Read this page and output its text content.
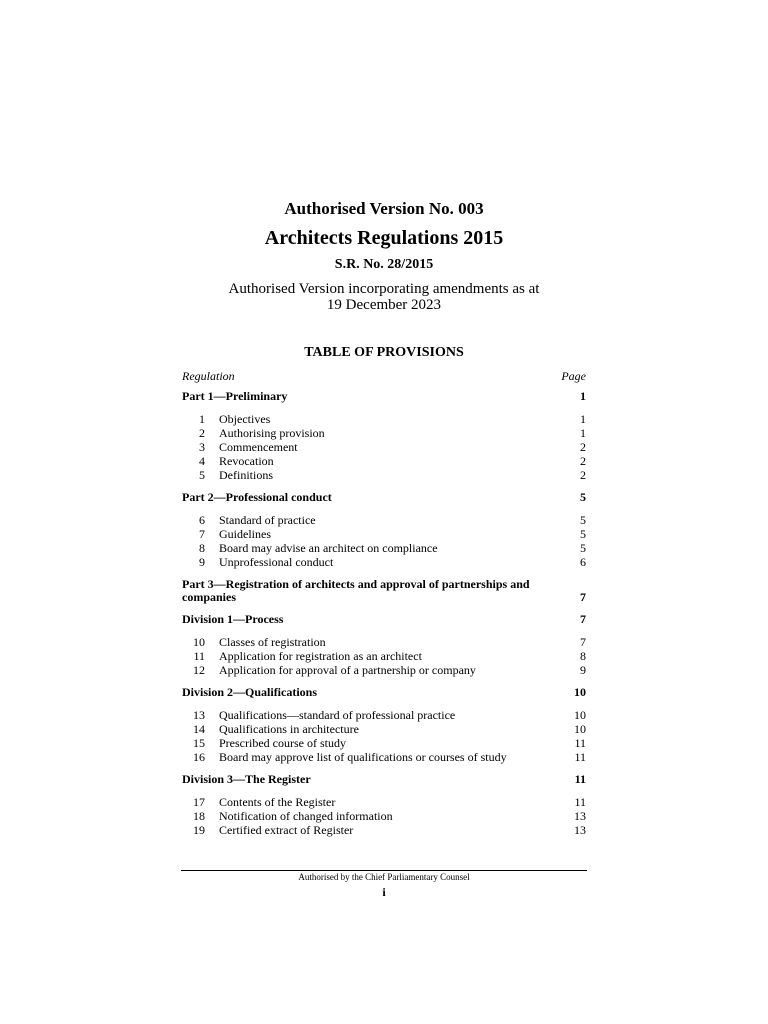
Authorised Version No. 003
Architects Regulations 2015
S.R. No. 28/2015
Authorised Version incorporating amendments as at
19 December 2023
TABLE OF PROVISIONS
Regulation	Page
Part 1—Preliminary	1
1 Objectives	1
2 Authorising provision	1
3 Commencement	2
4 Revocation	2
5 Definitions	2
Part 2—Professional conduct	5
6 Standard of practice	5
7 Guidelines	5
8 Board may advise an architect on compliance	5
9 Unprofessional conduct	6
Part 3—Registration of architects and approval of partnerships and companies	7
Division 1—Process	7
10 Classes of registration	7
11 Application for registration as an architect	8
12 Application for approval of a partnership or company	9
Division 2—Qualifications	10
13 Qualifications—standard of professional practice	10
14 Qualifications in architecture	10
15 Prescribed course of study	11
16 Board may approve list of qualifications or courses of study	11
Division 3—The Register	11
17 Contents of the Register	11
18 Notification of changed information	13
19 Certified extract of Register	13
Authorised by the Chief Parliamentary Counsel
i
